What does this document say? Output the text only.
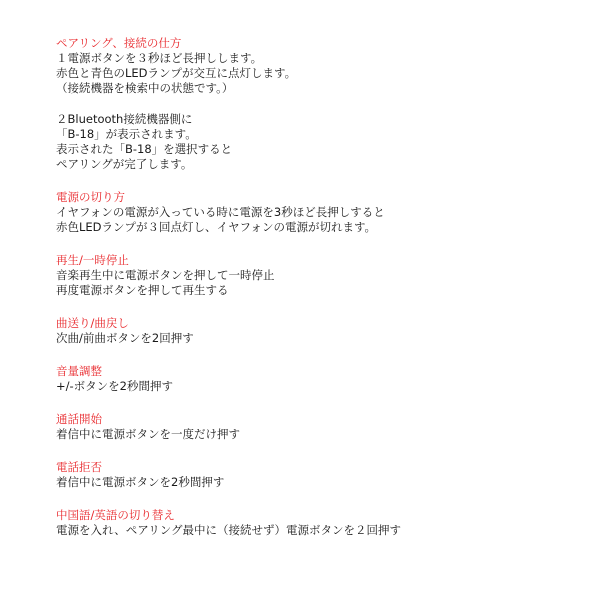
ペアリング、接続の仕方
１電源ボタンを３秒ほど長押しします。
赤色と青色のLEDランプが交互に点灯します。
（接続機器を検索中の状態です。）
２Bluetooth接続機器側に
「B-18」が表示されます。
表示された「B-18」を選択すると
ペアリングが完了します。
電源の切り方
イヤフォンの電源が入っている時に電源を3秒ほど長押しすると
赤色LEDランプが３回点灯し、イヤフォンの電源が切れます。
再生/一時停止
音楽再生中に電源ボタンを押して一時停止
再度電源ボタンを押して再生する
曲送り/曲戻し
次曲/前曲ボタンを2回押す
音量調整
+/-ボタンを2秒間押す
通話開始
着信中に電源ボタンを一度だけ押す
電話拒否
着信中に電源ボタンを2秒間押す
中国語/英語の切り替え
電源を入れ、ペアリング最中に（接続せず）電源ボタンを２回押す
